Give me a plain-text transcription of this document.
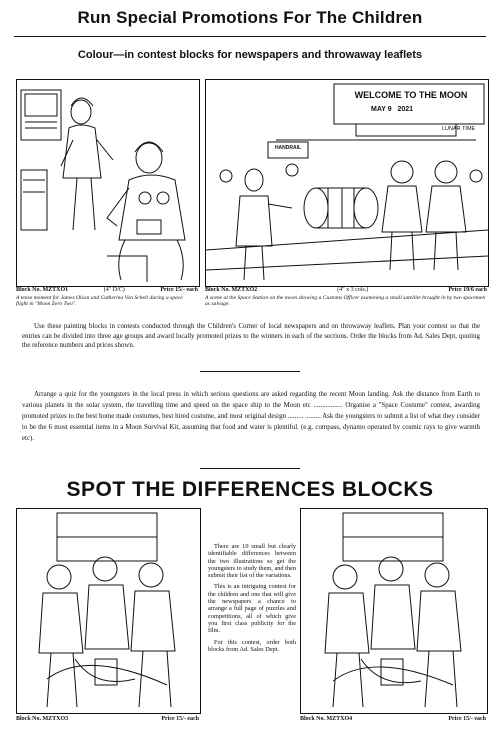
Run Special Promotions For The Children
Colour—in contest blocks for newspapers and throwaway leaflets
WELCOME TO THE MOON
MAY 9   2021
LUNAR TIME
HANDRAIL
Block No. MZTXO1	(4" D/C)	Price 15/- each
A tense moment for James Olson and Catherina Von Schell during a space flight in "Moon Zero Two".
Block No. MZTXO2	(4" x 3 cols.)	Price 19/6 each
A scene at the Space Station on the moon showing a Customs Officer examining a small satellite brought in by two spacemen as salvage.
Use these painting blocks in contests conducted through the Children's Corner of local newspapers and on throwaway leaflets. Plan your contest so that the entries can be divided into three age groups and award locally promoted prizes to the winners in each of the sections. Order the blocks from Ad. Sales Dept, quoting the reference numbers and prices shown.
Arrange a quiz for the youngsters in the local press in which serious questions are asked regarding the recent Moon landing. Ask the distance from Earth to various planets in the solar system, the travelling time and speed on the space ship to the Moon etc ................. Organise a "Space Costume" contest, awarding promoted prizes to the best home made costumes, best hired costume, and most original design ......... ......... Ask the youngsters to submit a list of what they consider to be the 6 most essential items in a Moon Survival Kit, assuming that food and water is plentiful. (e.g. compass, dynamo operated by cosmic rays to give warmth etc).
SPOT THE DIFFERENCES BLOCKS

There are 10 small but clearly identifiable differences between the two illustrations so get the youngsters to study them, and then submit their list of the variations.

This is an intriguing contest for the children and one that will give the newspapers a chance to arrange a full page of puzzles and competitions, all of which give you first class publicity for the film.

For this contest, order both blocks from Ad. Sales Dept.

Block No. MZTXO3	Price 15/- each	Block No. MZTXO4	Price 15/- each
